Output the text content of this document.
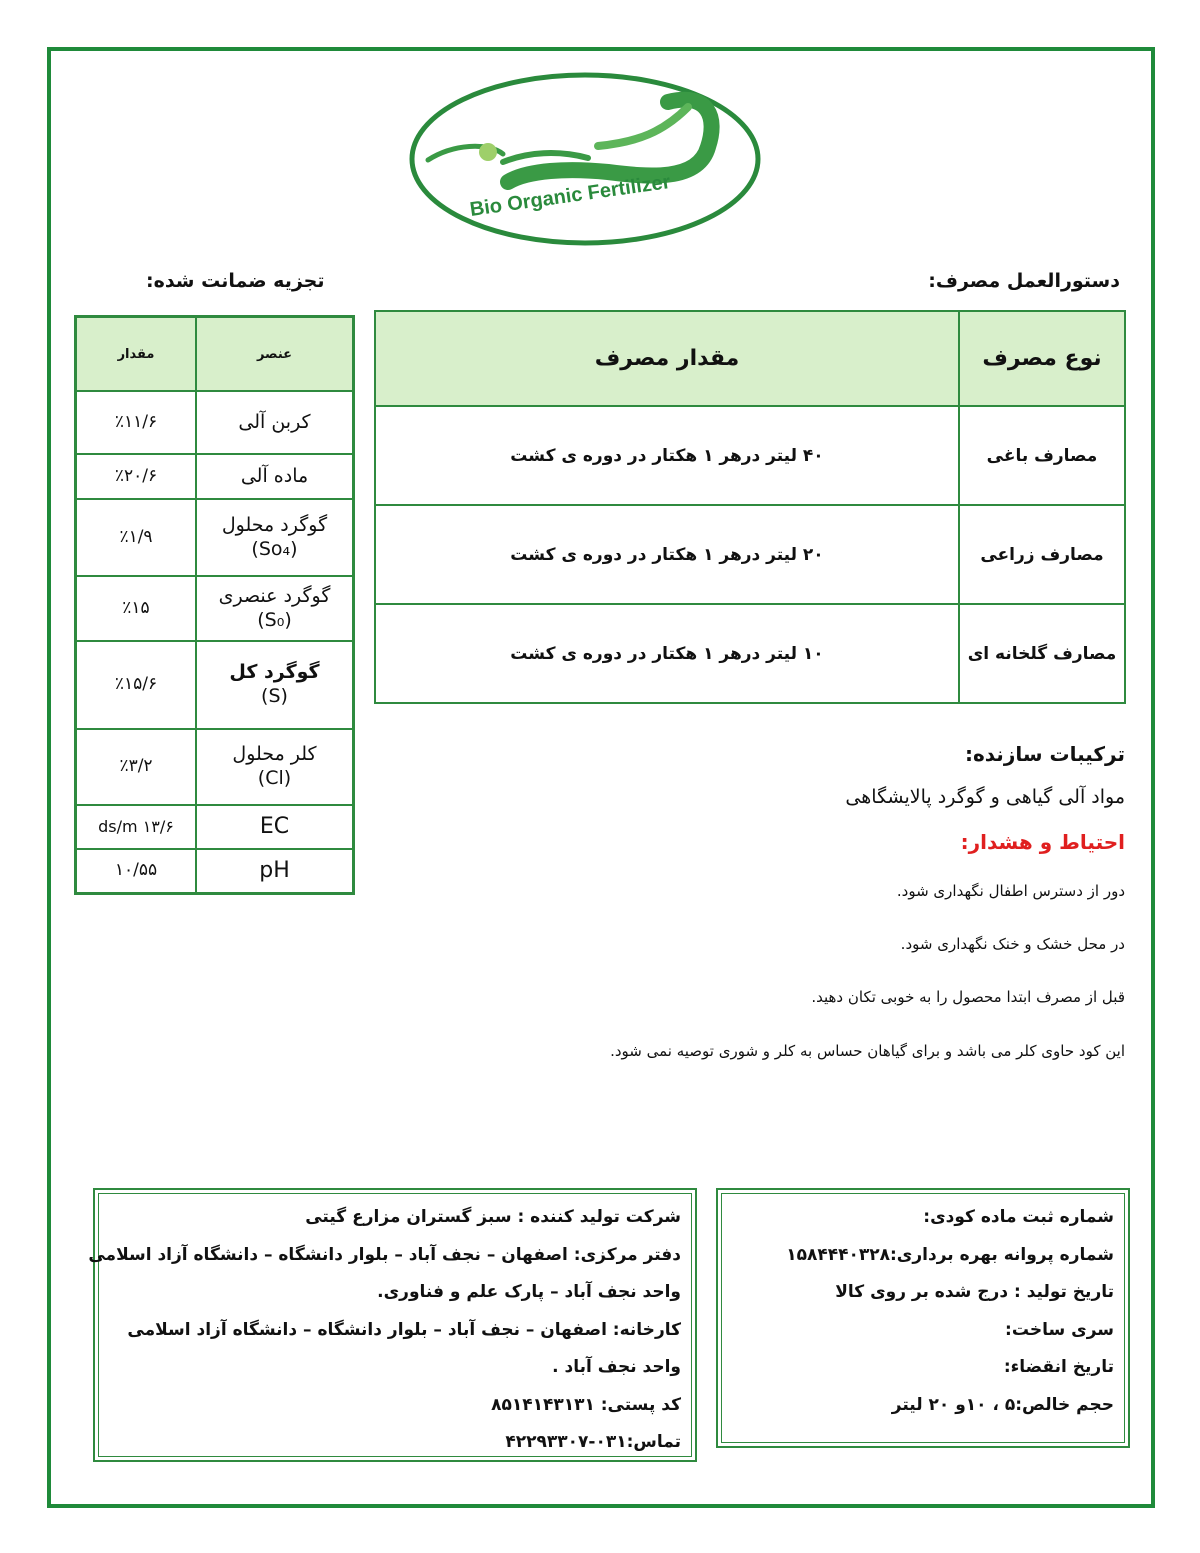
Bio Organic Fertilizer
دستورالعمل مصرف:
مقدار مصرف	نوع مصرف
۴۰ لیتر درهر ۱ هکتار در دوره ی کشت	مصارف باغی
۲۰ لیتر درهر ۱ هکتار در دوره ی کشت	مصارف زراعی
۱۰ لیتر درهر ۱ هکتار در دوره ی کشت	مصارف گلخانه ای
تجزیه ضمانت شده:
مقدار	عنصر
٪۱۱/۶	کربن آلی
٪۲۰/۶	ماده آلی
٪۱/۹	گوگرد محلول
(So₄)

٪۱۵	گوگرد عنصری
(S₀)

٪۱۵/۶	گوگرد کل
(S)

٪۳/۲	کلر محلول
(Cl)

۱۳/۶ ds/m	EC
۱۰/۵۵	pH
ترکیبات سازنده:
مواد آلی گیاهی و گوگرد پالایشگاهی
احتیاط و هشدار:
دور از دسترس اطفال نگهداری شود.
در محل خشک و خنک نگهداری شود.
قبل از مصرف ابتدا محصول را به خوبی تکان دهید.
این کود حاوی کلر می باشد و برای گیاهان حساس به کلر و شوری توصیه نمی شود.
شرکت تولید کننده : سبز گستران مزارع گیتی
دفتر مرکزی: اصفهان – نجف آباد – بلوار دانشگاه – دانشگاه آزاد اسلامی
واحد نجف آباد – پارک علم و فناوری.
کارخانه: اصفهان – نجف آباد – بلوار دانشگاه – دانشگاه آزاد اسلامی
واحد نجف آباد .
کد پستی: ۸۵۱۴۱۴۳۱۳۱
تماس:۰۳۱-۴۲۲۹۳۳۰۷
شماره ثبت ماده کودی:
شماره پروانه بهره برداری:۱۵۸۴۴۴۰۳۲۸
تاریخ تولید : درج شده بر روی کالا
سری ساخت:
تاریخ انقضاء:
حجم خالص:۵ ، ۱۰و ۲۰ لیتر
